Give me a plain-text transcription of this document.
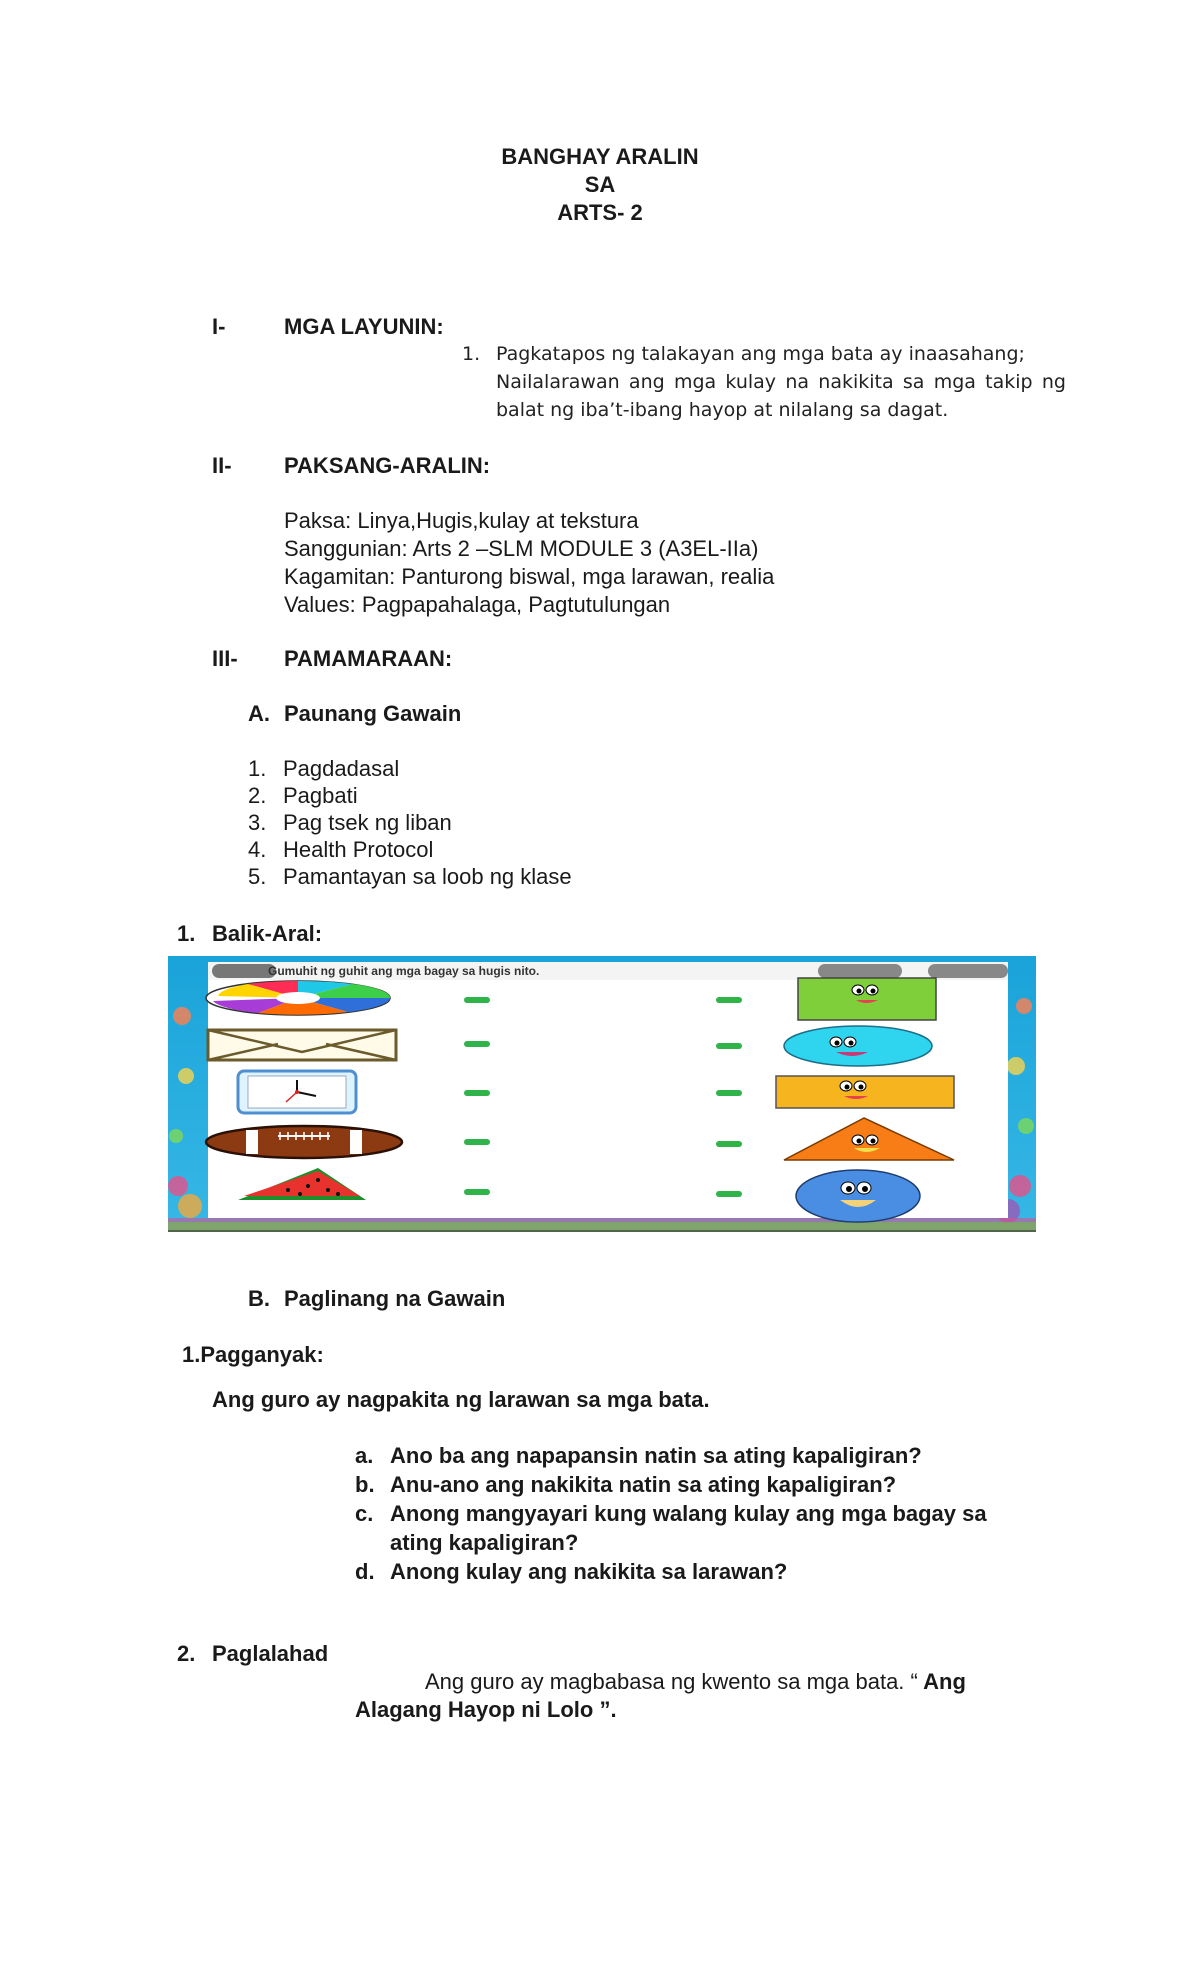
BANGHAY ARALIN
SA
ARTS- 2
I-	MGA LAYUNIN:
1. Pagkatapos ng talakayan ang mga bata ay inaasahang;
Nailalarawan ang mga kulay na nakikita sa mga takip ng
balat ng iba’t-ibang hayop at nilalang sa dagat.
II- PAKSANG-ARALIN:
Paksa: Linya,Hugis,kulay at tekstura
Sanggunian: Arts 2 –SLM MODULE 3 (A3EL-IIa)
Kagamitan: Panturong biswal, mga larawan, realia
Values: Pagpapahalaga, Pagtutulungan
III- PAMAMARAAN:
A. Paunang Gawain
1. Pagdadasal
2. Pagbati
3. Pag tsek ng liban
4. Health Protocol
5. Pamantayan sa loob ng klase
1. Balik-Aral:
Gumuhit ng guhit ang mga bagay sa hugis nito.
B. Paglinang na Gawain
1.Pagganyak:
Ang guro ay nagpakita ng larawan sa mga bata.
a. Ano ba ang napapansin natin sa ating kapaligiran?
b. Anu-ano ang nakikita natin sa ating kapaligiran?
c. Anong mangyayari kung walang kulay ang mga bagay sa
ating kapaligiran?
d. Anong kulay ang nakikita sa larawan?
2. Paglalahad
Ang guro ay magbabasa ng kwento sa mga bata. “ Ang
Alagang Hayop ni Lolo ”.
